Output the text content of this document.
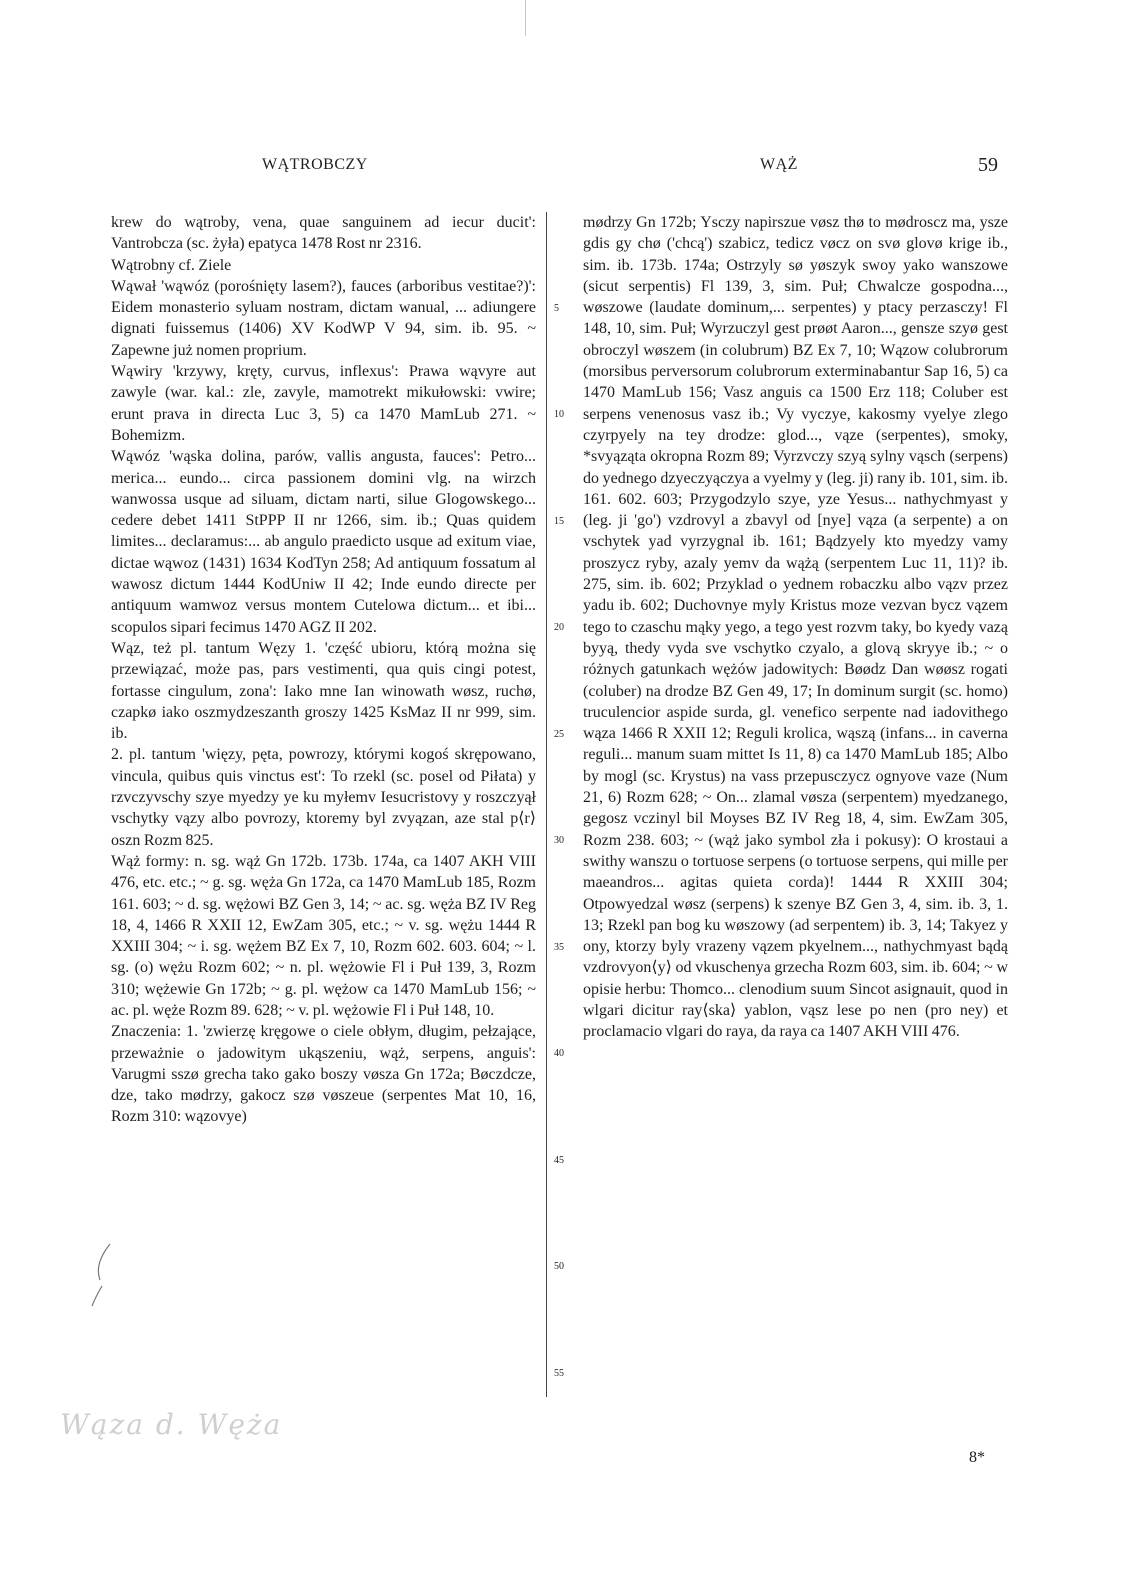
WĄTROBCZY	WĄŻ	59
krew do wątroby, vena, quae sanguinem ad iecur ducit': Vantrobcza (sc. żyła) epatyca 1478 Rost nr 2316.
Wątrobny cf. Ziele
Wąwał 'wąwóz (porośnięty lasem?), fauces (arboribus vestitae?)': Eidem monasterio syluam nostram, dictam wanual, ... adiungere dignati fuissemus (1406) XV KodWP V 94, sim. ib. 95. ~ Zapewne już nomen proprium.
Wąwiry 'krzywy, kręty, curvus, inflexus': Prawa wąvyre aut zawyle (war. kal.: zle, zavyle, mamotrekt mikułowski: vwire; erunt prava in directa Luc 3, 5) ca 1470 MamLub 271. ~ Bohemizm.
Wąwóz 'wąska dolina, parów, vallis angusta, fauces': Petro... merica... eundo... circa passionem domini vlg. na wirzch wanwossa usque ad siluam, dictam narti, silue Glogowskego... cedere debet 1411 StPPP II nr 1266, sim. ib.; Quas quidem limites... declaramus:... ab angulo praedicto usque ad exitum viae, dictae wąwoz (1431) 1634 KodTyn 258; Ad antiquum fossatum al wawosz dictum 1444 KodUniw II 42; Inde eundo directe per antiquum wamwoz versus montem Cutelowa dictum... et ibi... scopulos sipari fecimus 1470 AGZ II 202.
Wąz, też pl. tantum Węzy 1. 'część ubioru, którą można się przewiązać, może pas, pars vestimenti, qua quis cingi potest, fortasse cingulum, zona': Iako mne Ian winowath wøsz, ruchø, czapkø iako oszmydzeszanth groszy 1425 KsMaz II nr 999, sim. ib.
2. pl. tantum 'więzy, pęta, powrozy, którymi kogoś skrępowano, vincula, quibus quis vinctus est': To rzekl (sc. posel od Piłata) y rzvczyvschy szye myedzy ye ku myłemv Iesucristovy y roszczyął vschytky vązy albo povrozy, ktoremy byl zvyązan, aze stal p⟨r⟩oszn Rozm 825.
Wąż formy: n. sg. wąż Gn 172b. 173b. 174a, ca 1407 AKH VIII 476, etc. etc.; ~ g. sg. węża Gn 172a, ca 1470 MamLub 185, Rozm 161. 603; ~ d. sg. wężowi BZ Gen 3, 14; ~ ac. sg. węża BZ IV Reg 18, 4, 1466 R XXII 12, EwZam 305, etc.; ~ v. sg. wężu 1444 R XXIII 304; ~ i. sg. wężem BZ Ex 7, 10, Rozm 602. 603. 604; ~ l. sg. (o) wężu Rozm 602; ~ n. pl. wężowie Fl i Puł 139, 3, Rozm 310; wężewie Gn 172b; ~ g. pl. wężow ca 1470 MamLub 156; ~ ac. pl. węże Rozm 89. 628; ~ v. pl. wężowie Fl i Puł 148, 10.
Znaczenia: 1. 'zwierzę kręgowe o ciele obłym, długim, pełzające, przeważnie o jadowitym ukąszeniu, wąż, serpens, anguis': Varugmi sszø grecha tako gako boszy vøsza Gn 172a; Bøczdcze, dze, tako mødrzy, gakocz szø vøszeue (serpentes Mat 10, 16, Rozm 310: wązovye)
5
10
15
20
25
30
35
40
45
50
55
mødrzy Gn 172b; Ysczy napirszue vøsz thø to mødroscz ma, ysze gdis gy chø ('chcą') szabicz, tedicz vøcz on svø glovø krige ib., sim. ib. 173b. 174a; Ostrzyly sø yøszyk swoy yako wanszowe (sicut serpentis) Fl 139, 3, sim. Puł; Chwalcze gospodna..., wøszowe (laudate dominum,... serpentes) y ptacy perzasczy! Fl 148, 10, sim. Puł; Wyrzuczyl gest prøøt Aaron..., gensze szyø gest obroczyl wøszem (in colubrum) BZ Ex 7, 10; Wązow colubrorum (morsibus perversorum colubrorum exterminabantur Sap 16, 5) ca 1470 MamLub 156; Vasz anguis ca 1500 Erz 118; Coluber est serpens venenosus vasz ib.; Vy vyczye, kakosmy vyelye zlego czyrpyely na tey drodze: glod..., vąze (serpentes), smoky, *svyąząta okropna Rozm 89; Vyrzvczy szyą sylny vąsch (serpens) do yednego dzyeczyączya a vyelmy y (leg. ji) rany ib. 101, sim. ib. 161. 602. 603; Przygodzylo szye, yze Yesus... nathychmyast y (leg. ji 'go') vzdrovyl a zbavyl od [nye] vąza (a serpente) a on vschytek yad vyrzygnal ib. 161; Bądzyely kto myedzy vamy proszycz ryby, azaly yemv da wążą (serpentem Luc 11, 11)? ib. 275, sim. ib. 602; Przyklad o yednem robaczku albo vązv przez yadu ib. 602; Duchovnye myly Kristus moze vezvan bycz vązem tego to czaschu mąky yego, a tego yest rozvm taky, bo kyedy vazą byyą, thedy vyda sve vschytko czyalo, a glovą skryye ib.; ~ o różnych gatunkach wężów jadowitych: Bøødz Dan wøøsz rogati (coluber) na drodze BZ Gen 49, 17; In dominum surgit (sc. homo) truculencior aspide surda, gl. venefico serpente nad iadovithego wąza 1466 R XXII 12; Reguli krolica, wąszą (infans... in caverna reguli... manum suam mittet Is 11, 8) ca 1470 MamLub 185; Albo by mogl (sc. Krystus) na vass przepusczycz ognyove vaze (Num 21, 6) Rozm 628; ~ On... zlamal vøsza (serpentem) myedzanego, gegosz vczinyl bil Moyses BZ IV Reg 18, 4, sim. EwZam 305, Rozm 238. 603; ~ (wąż jako symbol zła i pokusy): O krostaui a swithy wanszu o tortuose serpens (o tortuose serpens, qui mille per maeandros... agitas quieta corda)! 1444 R XXIII 304; Otpowyedzal wøsz (serpens) k szenye BZ Gen 3, 4, sim. ib. 3, 1. 13; Rzekl pan bog ku wøszowy (ad serpentem) ib. 3, 14; Takyez y ony, ktorzy byly vrazeny vązem pkyelnem..., nathychmyast bądą vzdrovyon⟨y⟩ od vkuschenya grzecha Rozm 603, sim. ib. 604; ~ w opisie herbu: Thomco... clenodium suum Sincot asignauit, quod in wlgari dicitur ray⟨ska⟩ yablon, vąsz lese po nen (pro ney) et proclamacio vlgari do raya, da raya ca 1407 AKH VIII 476.
8*
Wąza d. Węża
